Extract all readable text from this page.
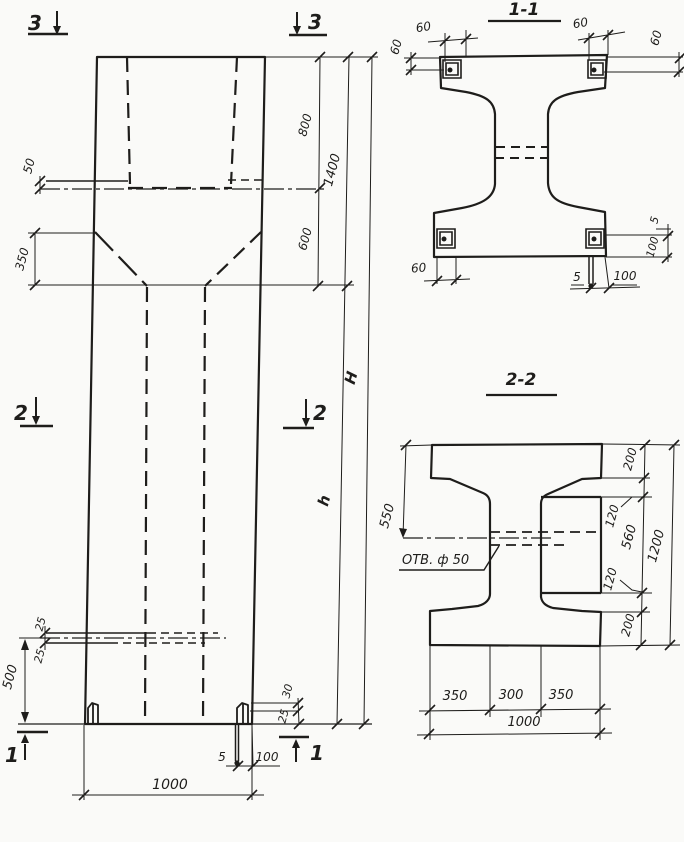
50
350
800
600
1400
H
h
25
25
500
30
25
5 100
1000
3	3
2	2
1	1
1-1
60
60
60
60
60
5	100
5
100
2-2
ОТВ. ф 50
550
200
120
560
120
200
1200
350 300 350
1000
